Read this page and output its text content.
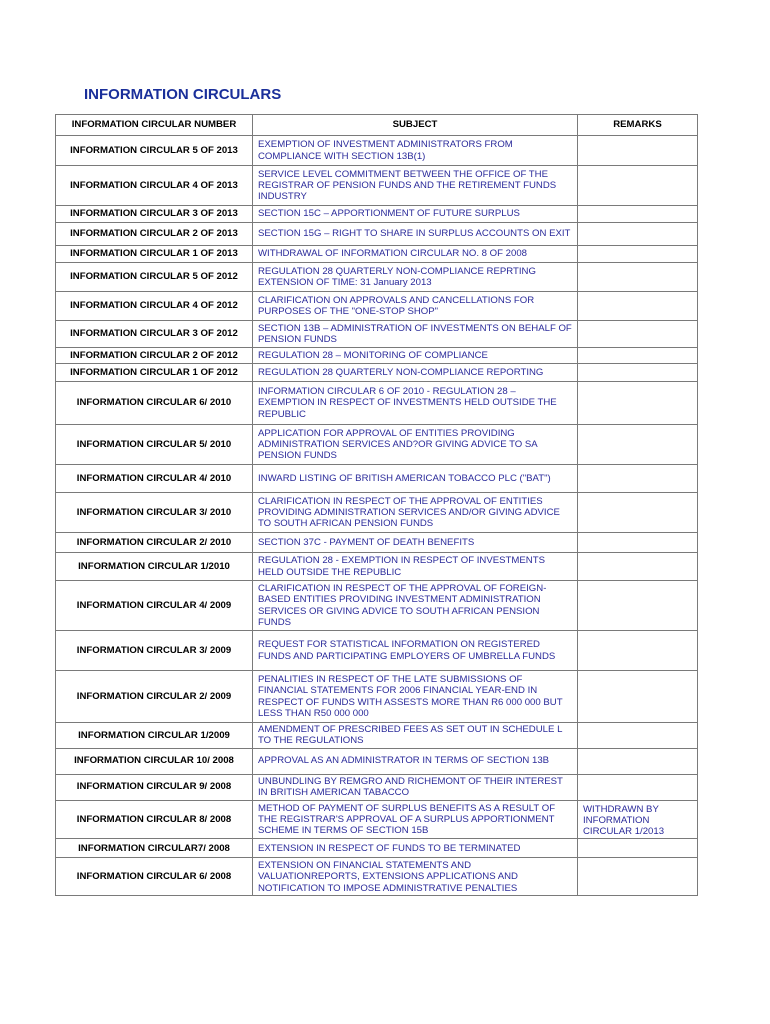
INFORMATION CIRCULARS
INFORMATION CIRCULAR NUMBER	SUBJECT	REMARKS
INFORMATION CIRCULAR 5 OF 2013	EXEMPTION OF INVESTMENT ADMINISTRATORS FROM COMPLIANCE WITH SECTION 13B(1)	
INFORMATION CIRCULAR 4 OF 2013	SERVICE LEVEL COMMITMENT BETWEEN THE OFFICE OF THE REGISTRAR OF PENSION FUNDS AND THE RETIREMENT FUNDS INDUSTRY	
INFORMATION CIRCULAR 3 OF 2013	SECTION 15C – APPORTIONMENT OF FUTURE SURPLUS	
INFORMATION CIRCULAR 2 OF 2013	SECTION 15G – RIGHT TO SHARE IN SURPLUS ACCOUNTS ON EXIT	
INFORMATION CIRCULAR 1 OF 2013	WITHDRAWAL OF INFORMATION CIRCULAR NO. 8 OF 2008	
INFORMATION CIRCULAR 5 OF 2012	REGULATION 28 QUARTERLY NON-COMPLIANCE REPRTING EXTENSION OF TIME: 31 January 2013	
INFORMATION CIRCULAR 4 OF 2012	CLARIFICATION ON APPROVALS AND CANCELLATIONS FOR PURPOSES OF THE "ONE-STOP SHOP"	
INFORMATION CIRCULAR 3 OF 2012	SECTION 13B – ADMINISTRATION OF INVESTMENTS ON BEHALF OF PENSION FUNDS	
INFORMATION CIRCULAR 2 OF 2012	REGULATION 28 – MONITORING OF COMPLIANCE	
INFORMATION CIRCULAR 1 OF 2012	REGULATION 28 QUARTERLY NON-COMPLIANCE REPORTING	
INFORMATION CIRCULAR 6/ 2010	INFORMATION CIRCULAR 6 OF 2010 - REGULATION 28 – EXEMPTION IN RESPECT OF INVESTMENTS HELD OUTSIDE THE REPUBLIC	
INFORMATION CIRCULAR 5/ 2010	APPLICATION FOR APPROVAL OF ENTITIES PROVIDING ADMINISTRATION SERVICES AND?OR GIVING ADVICE TO SA PENSION FUNDS	
INFORMATION CIRCULAR 4/ 2010	INWARD LISTING OF BRITISH AMERICAN TOBACCO PLC ("BAT")	
INFORMATION CIRCULAR 3/ 2010	CLARIFICATION IN RESPECT OF THE APPROVAL OF ENTITIES PROVIDING ADMINISTRATION SERVICES AND/OR GIVING ADVICE TO SOUTH AFRICAN PENSION FUNDS	
INFORMATION CIRCULAR 2/ 2010	SECTION 37C - PAYMENT OF DEATH BENEFITS	
INFORMATION CIRCULAR 1/2010	REGULATION 28 - EXEMPTION IN RESPECT OF INVESTMENTS HELD OUTSIDE THE REPUBLIC	
INFORMATION CIRCULAR 4/ 2009	CLARIFICATION IN RESPECT OF THE APPROVAL OF FOREIGN-BASED ENTITIES PROVIDING INVESTMENT ADMINISTRATION SERVICES OR GIVING ADVICE TO SOUTH AFRICAN PENSION FUNDS	
INFORMATION CIRCULAR 3/ 2009	REQUEST FOR STATISTICAL INFORMATION ON REGISTERED FUNDS AND PARTICIPATING EMPLOYERS OF UMBRELLA FUNDS	
INFORMATION CIRCULAR 2/ 2009	PENALITIES IN RESPECT OF THE LATE SUBMISSIONS OF FINANCIAL STATEMENTS FOR 2006 FINANCIAL YEAR-END IN RESPECT OF FUNDS WITH ASSESTS MORE THAN R6 000 000 BUT LESS THAN R50 000 000	
INFORMATION CIRCULAR 1/2009	AMENDMENT OF PRESCRIBED FEES AS SET OUT IN SCHEDULE L TO THE REGULATIONS	
INFORMATION CIRCULAR 10/ 2008	APPROVAL AS AN ADMINISTRATOR IN TERMS OF SECTION 13B	
INFORMATION CIRCULAR 9/ 2008	UNBUNDLING BY REMGRO AND RICHEMONT OF THEIR INTEREST IN BRITISH AMERICAN TABACCO	
INFORMATION CIRCULAR 8/ 2008	METHOD OF PAYMENT OF SURPLUS BENEFITS AS A RESULT OF THE REGISTRAR'S APPROVAL OF A SURPLUS APPORTIONMENT SCHEME IN TERMS OF SECTION 15B	WITHDRAWN BY INFORMATION CIRCULAR 1/2013
INFORMATION CIRCULAR7/ 2008	EXTENSION IN RESPECT OF FUNDS TO BE TERMINATED	
INFORMATION CIRCULAR 6/ 2008	EXTENSION ON FINANCIAL STATEMENTS AND VALUATIONREPORTS, EXTENSIONS APPLICATIONS AND NOTIFICATION TO IMPOSE ADMINISTRATIVE PENALTIES	
